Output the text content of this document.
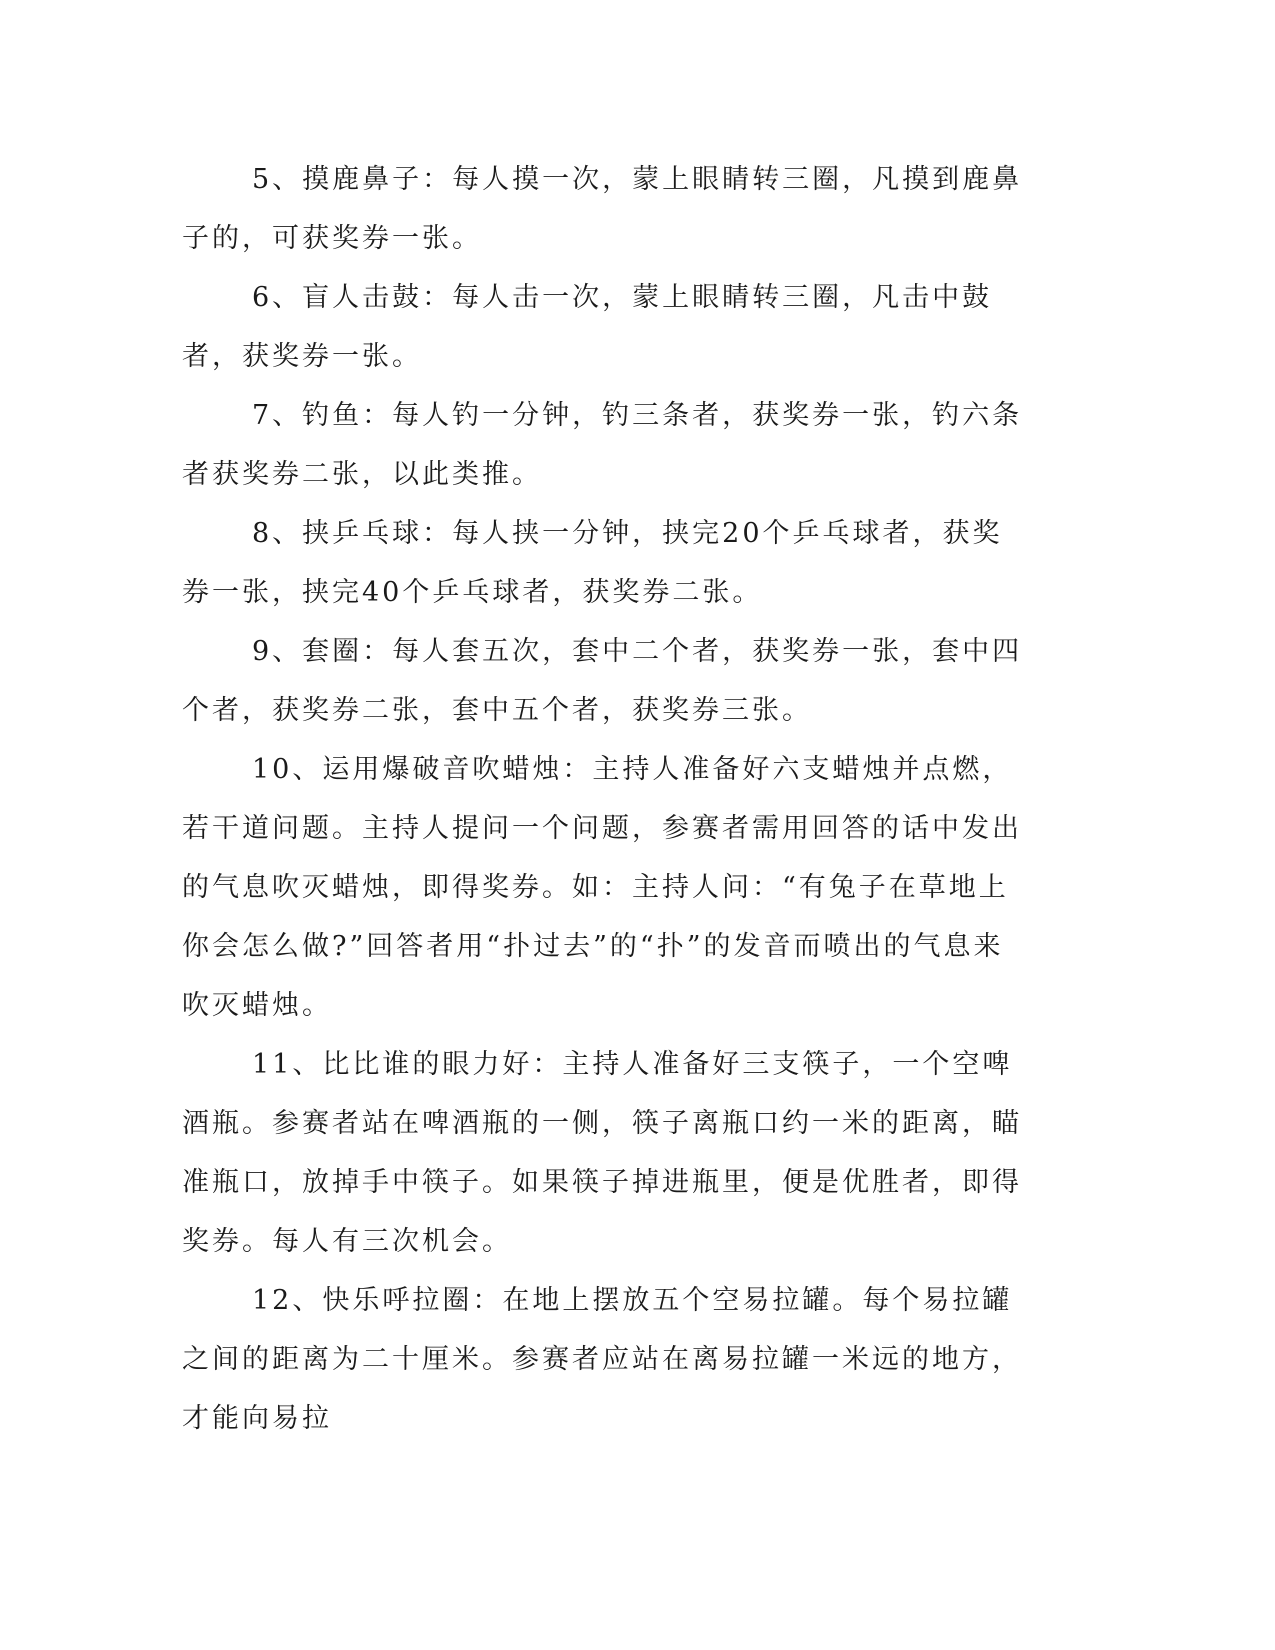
5、摸鹿鼻子：每人摸一次，蒙上眼睛转三圈，凡摸到鹿鼻子的，可获奖券一张。

6、盲人击鼓：每人击一次，蒙上眼睛转三圈，凡击中鼓者，获奖券一张。

7、钓鱼：每人钓一分钟，钓三条者，获奖券一张，钓六条者获奖券二张，以此类推。

8、挟乒乓球：每人挟一分钟，挟完20个乒乓球者，获奖券一张，挟完40个乒乓球者，获奖券二张。

9、套圈：每人套五次，套中二个者，获奖券一张，套中四个者，获奖券二张，套中五个者，获奖券三张。

10、运用爆破音吹蜡烛：主持人准备好六支蜡烛并点燃，若干道问题。主持人提问一个问题，参赛者需用回答的话中发出的气息吹灭蜡烛，即得奖券。如：主持人问：“有兔子在草地上你会怎么做?”回答者用“扑过去”的“扑”的发音而喷出的气息来吹灭蜡烛。

11、比比谁的眼力好：主持人准备好三支筷子，一个空啤酒瓶。参赛者站在啤酒瓶的一侧，筷子离瓶口约一米的距离，瞄准瓶口，放掉手中筷子。如果筷子掉进瓶里，便是优胜者，即得奖券。每人有三次机会。

12、快乐呼拉圈：在地上摆放五个空易拉罐。每个易拉罐之间的距离为二十厘米。参赛者应站在离易拉罐一米远的地方，才能向易拉
